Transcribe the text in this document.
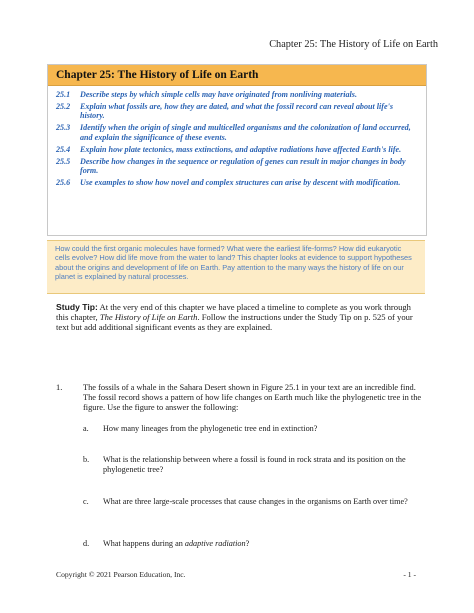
Chapter 25: The History of Life on Earth
Chapter 25: The History of Life on Earth
25.1	Describe steps by which simple cells may have originated from nonliving materials.
25.2	Explain what fossils are, how they are dated, and what the fossil record can reveal about life's history.
25.3	Identify when the origin of single and multicelled organisms and the colonization of land occurred, and explain the significance of these events.
25.4	Explain how plate tectonics, mass extinctions, and adaptive radiations have affected Earth's life.
25.5	Describe how changes in the sequence or regulation of genes can result in major changes in body form.
25.6	Use examples to show how novel and complex structures can arise by descent with modification.
How could the first organic molecules have formed? What were the earliest life-forms? How did eukaryotic cells evolve? How did life move from the water to land? This chapter looks at evidence to support hypotheses about the origins and development of life on Earth. Pay attention to the many ways the history of life on our planet is explained by natural processes.
Study Tip: At the very end of this chapter we have placed a timeline to complete as you work through this chapter, The History of Life on Earth. Follow the instructions under the Study Tip on p. 525 of your text but add additional significant events as they are explained.
1.	The fossils of a whale in the Sahara Desert shown in Figure 25.1 in your text are an incredible find. The fossil record shows a pattern of how life changes on Earth much like the phylogenetic tree in the figure. Use the figure to answer the following:
a.	How many lineages from the phylogenetic tree end in extinction?
b.	What is the relationship between where a fossil is found in rock strata and its position on the phylogenetic tree?
c.	What are three large-scale processes that cause changes in the organisms on Earth over time?
d.	What happens during an adaptive radiation?
Copyright © 2021 Pearson Education, Inc.	- 1 -
